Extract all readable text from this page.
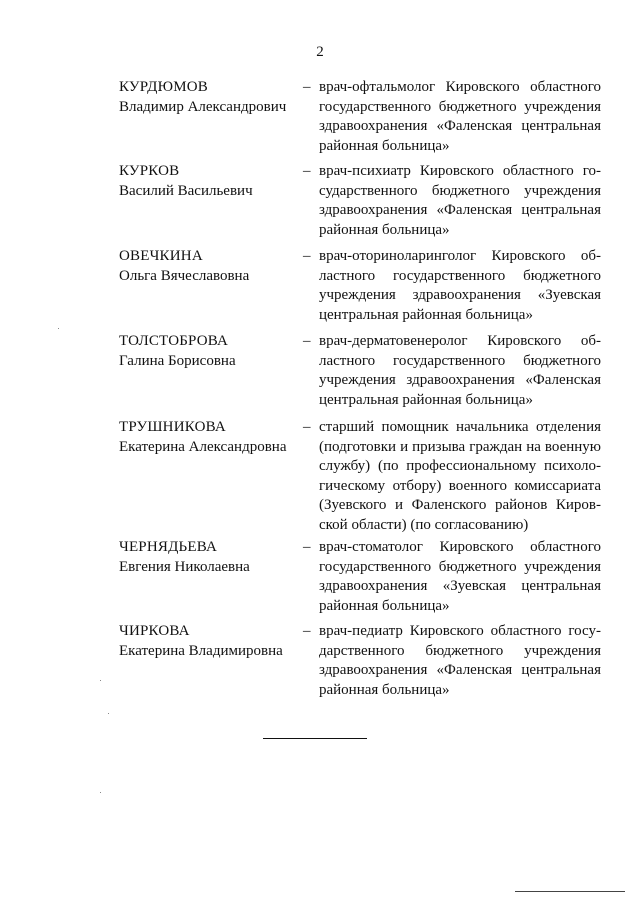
2
КУРДЮМОВ
Владимир Александрович
– врач-офтальмолог Кировского областного
государственного бюджетного учреждения
здравоохранения «Фаленская центральная
районная больница»
КУРКОВ
Василий Васильевич
– врач-психиатр Кировского областного го-
сударственного бюджетного учреждения
здравоохранения «Фаленская центральная
районная больница»
ОВЕЧКИНА
Ольга Вячеславовна
– врач-оториноларинголог Кировского об-
ластного государственного бюджетного
учреждения здравоохранения «Зуевская
центральная районная больница»
ТОЛСТОБРОВА
Галина Борисовна
– врач-дерматовенеролог Кировского об-
ластного государственного бюджетного
учреждения здравоохранения «Фаленская
центральная районная больница»
ТРУШНИКОВА
Екатерина Александровна
– старший помощник начальника отделения
(подготовки и призыва граждан на военную
службу) (по профессиональному психоло-
гическому отбору) военного комиссариата
(Зуевского и Фаленского районов Киров-
ской области) (по согласованию)
ЧЕРНЯДЬЕВА
Евгения Николаевна
– врач-стоматолог Кировского областного
государственного бюджетного учреждения
здравоохранения «Зуевская центральная
районная больница»
ЧИРКОВА
Екатерина Владимировна
– врач-педиатр Кировского областного госу-
дарственного бюджетного учреждения
здравоохранения «Фаленская центральная
районная больница»
